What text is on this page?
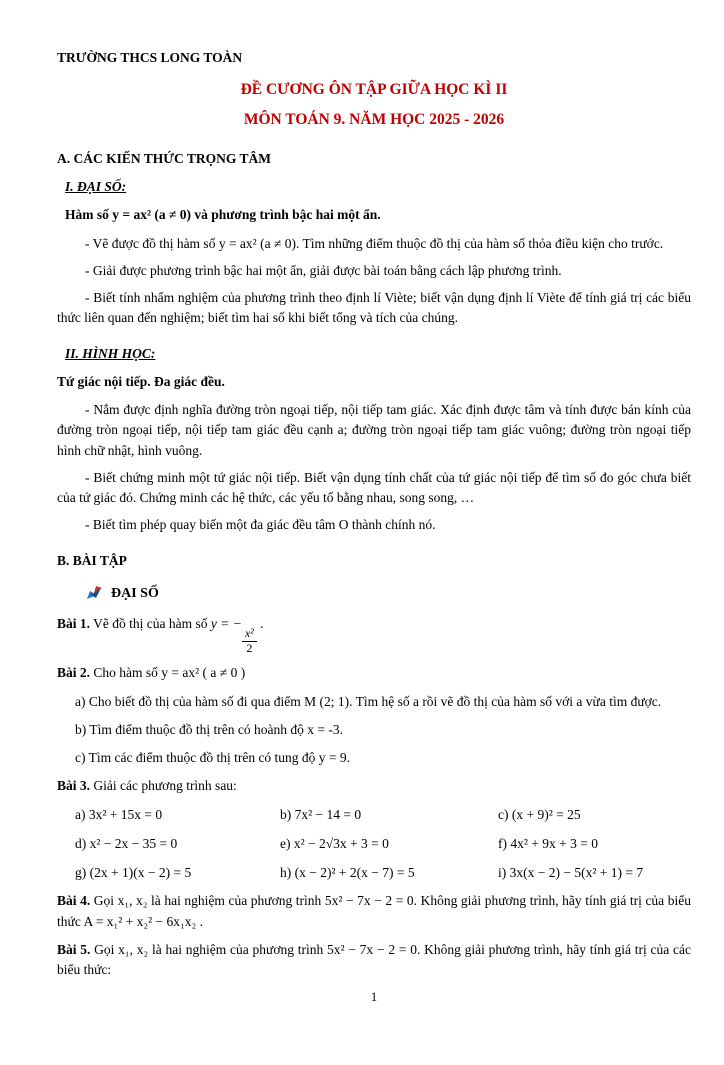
TRƯỜNG THCS LONG TOÀN

ĐỀ CƯƠNG ÔN TẬP GIỮA HỌC KÌ II
MÔN TOÁN 9. NĂM HỌC 2025 - 2026

A. CÁC KIẾN THỨC TRỌNG TÂM

I. ĐẠI SỐ:

Hàm số y = ax² (a ≠ 0) và phương trình bậc hai một ẩn.

- Vẽ được đồ thị hàm số y = ax² (a ≠ 0). Tìm những điểm thuộc đồ thị của hàm số thỏa điều kiện cho trước.

- Giải được phương trình bậc hai một ẩn, giải được bài toán bằng cách lập phương trình.

- Biết tính nhẩm nghiệm của phương trình theo định lí Viète; biết vận dụng định lí Viète để tính giá trị các biểu thức liên quan đến nghiệm; biết tìm hai số khi biết tổng và tích của chúng.

II. HÌNH HỌC:

Tứ giác nội tiếp. Đa giác đều.

- Nắm được định nghĩa đường tròn ngoại tiếp, nội tiếp tam giác. Xác định được tâm và tính được bán kính của đường tròn ngoại tiếp, nội tiếp tam giác đều cạnh a; đường tròn ngoại tiếp tam giác vuông; đường tròn ngoại tiếp hình chữ nhật, hình vuông.

- Biết chứng minh một tứ giác nội tiếp. Biết vận dụng tính chất của tứ giác nội tiếp để tìm số đo góc chưa biết của tứ giác đó. Chứng minh các hệ thức, các yếu tố bằng nhau, song song, …

- Biết tìm phép quay biến một đa giác đều tâm O thành chính nó.

B. BÀI TẬP

ĐẠI SỐ

Bài 1. Vẽ đồ thị của hàm số y = −
$\frac{\text{x²}}{2}$
.

Bài 2. Cho hàm số y = ax² ( a ≠ 0 )

a) Cho biết đồ thị của hàm số đi qua điểm M (2; 1). Tìm hệ số a rồi vẽ đồ thị của hàm số với a vừa tìm được.

b) Tìm điểm thuộc đồ thị trên có hoành độ x = -3.

c) Tìm các điểm thuộc đồ thị trên có tung độ y = 9.

Bài 3. Giải các phương trình sau:

a) 3x² + 15x = 0	b) 7x² − 14 = 0	c) (x + 9)² = 25
d) x² − 2x − 35 = 0	e) x² − 2√3x + 3 = 0	f) 4x² + 9x + 3 = 0
g) (2x + 1)(x − 2) = 5	h) (x − 2)² + 2(x − 7) = 5	i) 3x(x − 2) − 5(x² + 1) = 7

Bài 4. Gọi x₁, x₂ là hai nghiệm của phương trình 5x² − 7x − 2 = 0. Không giải phương trình, hãy tính giá trị của biểu thức A = x₁² + x₂² − 6x₁x₂ .

Bài 5. Gọi x₁, x₂ là hai nghiệm của phương trình 5x² − 7x − 2 = 0. Không giải phương trình, hãy tính giá trị của các biểu thức:

1
